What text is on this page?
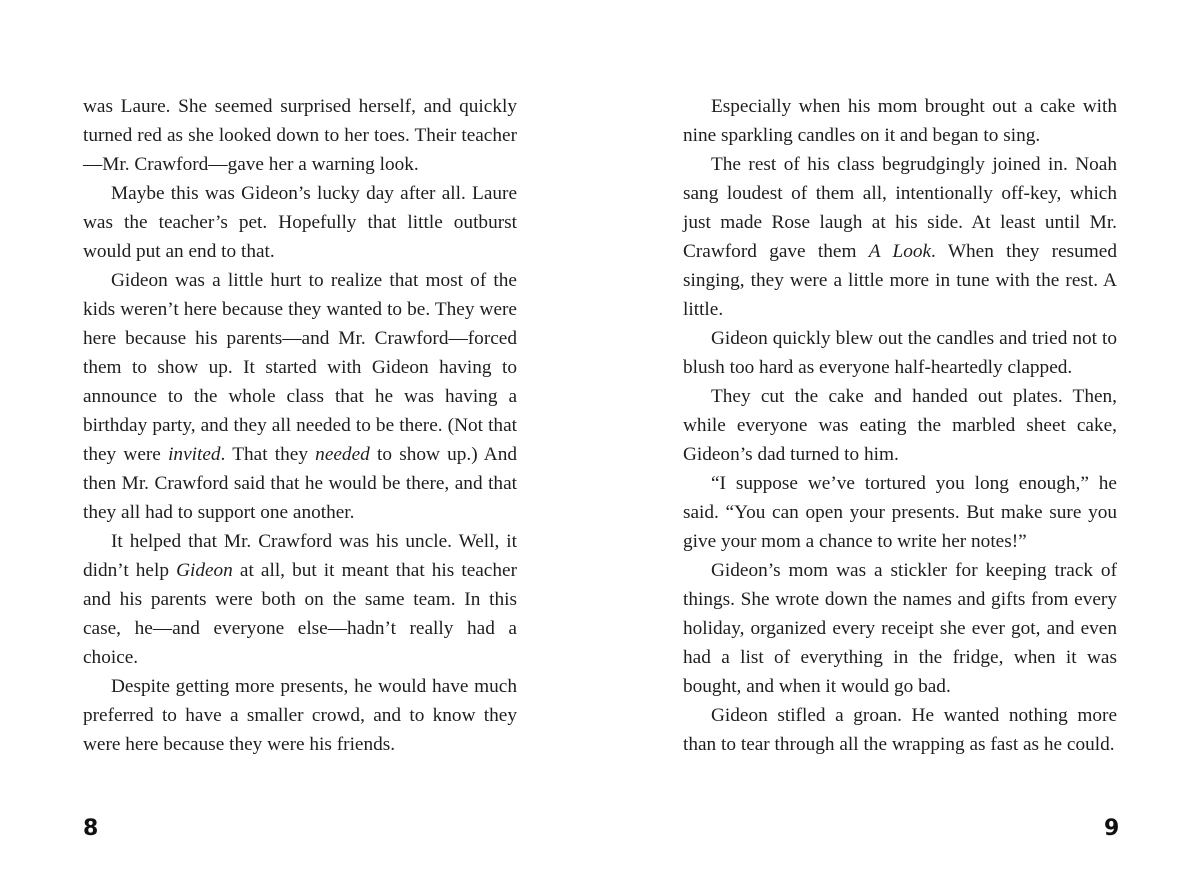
was Laure. She seemed surprised herself, and quickly turned red as she looked down to her toes. Their teacher—Mr. Crawford—gave her a warning look.

Maybe this was Gideon’s lucky day after all. Laure was the teacher’s pet. Hopefully that little outburst would put an end to that.

Gideon was a little hurt to realize that most of the kids weren’t here because they wanted to be. They were here because his parents—and Mr. Crawford—forced them to show up. It started with Gideon having to announce to the whole class that he was having a birthday party, and they all needed to be there. (Not that they were invited. That they needed to show up.) And then Mr. Crawford said that he would be there, and that they all had to support one another.

It helped that Mr. Crawford was his uncle. Well, it didn’t help Gideon at all, but it meant that his teacher and his parents were both on the same team. In this case, he—and everyone else—hadn’t really had a choice.

Despite getting more presents, he would have much preferred to have a smaller crowd, and to know they were here because they were his friends.

Especially when his mom brought out a cake with nine sparkling candles on it and began to sing.

The rest of his class begrudgingly joined in. Noah sang loudest of them all, intentionally off-key, which just made Rose laugh at his side. At least until Mr. Crawford gave them A Look. When they resumed singing, they were a little more in tune with the rest. A little.

Gideon quickly blew out the candles and tried not to blush too hard as everyone half-heartedly clapped.

They cut the cake and handed out plates. Then, while everyone was eating the marbled sheet cake, Gideon’s dad turned to him.

“I suppose we’ve tortured you long enough,” he said. “You can open your presents. But make sure you give your mom a chance to write her notes!”

Gideon’s mom was a stickler for keeping track of things. She wrote down the names and gifts from every holiday, organized every receipt she ever got, and even had a list of everything in the fridge, when it was bought, and when it would go bad.

Gideon stifled a groan. He wanted nothing more than to tear through all the wrapping as fast as he could.

8	9
